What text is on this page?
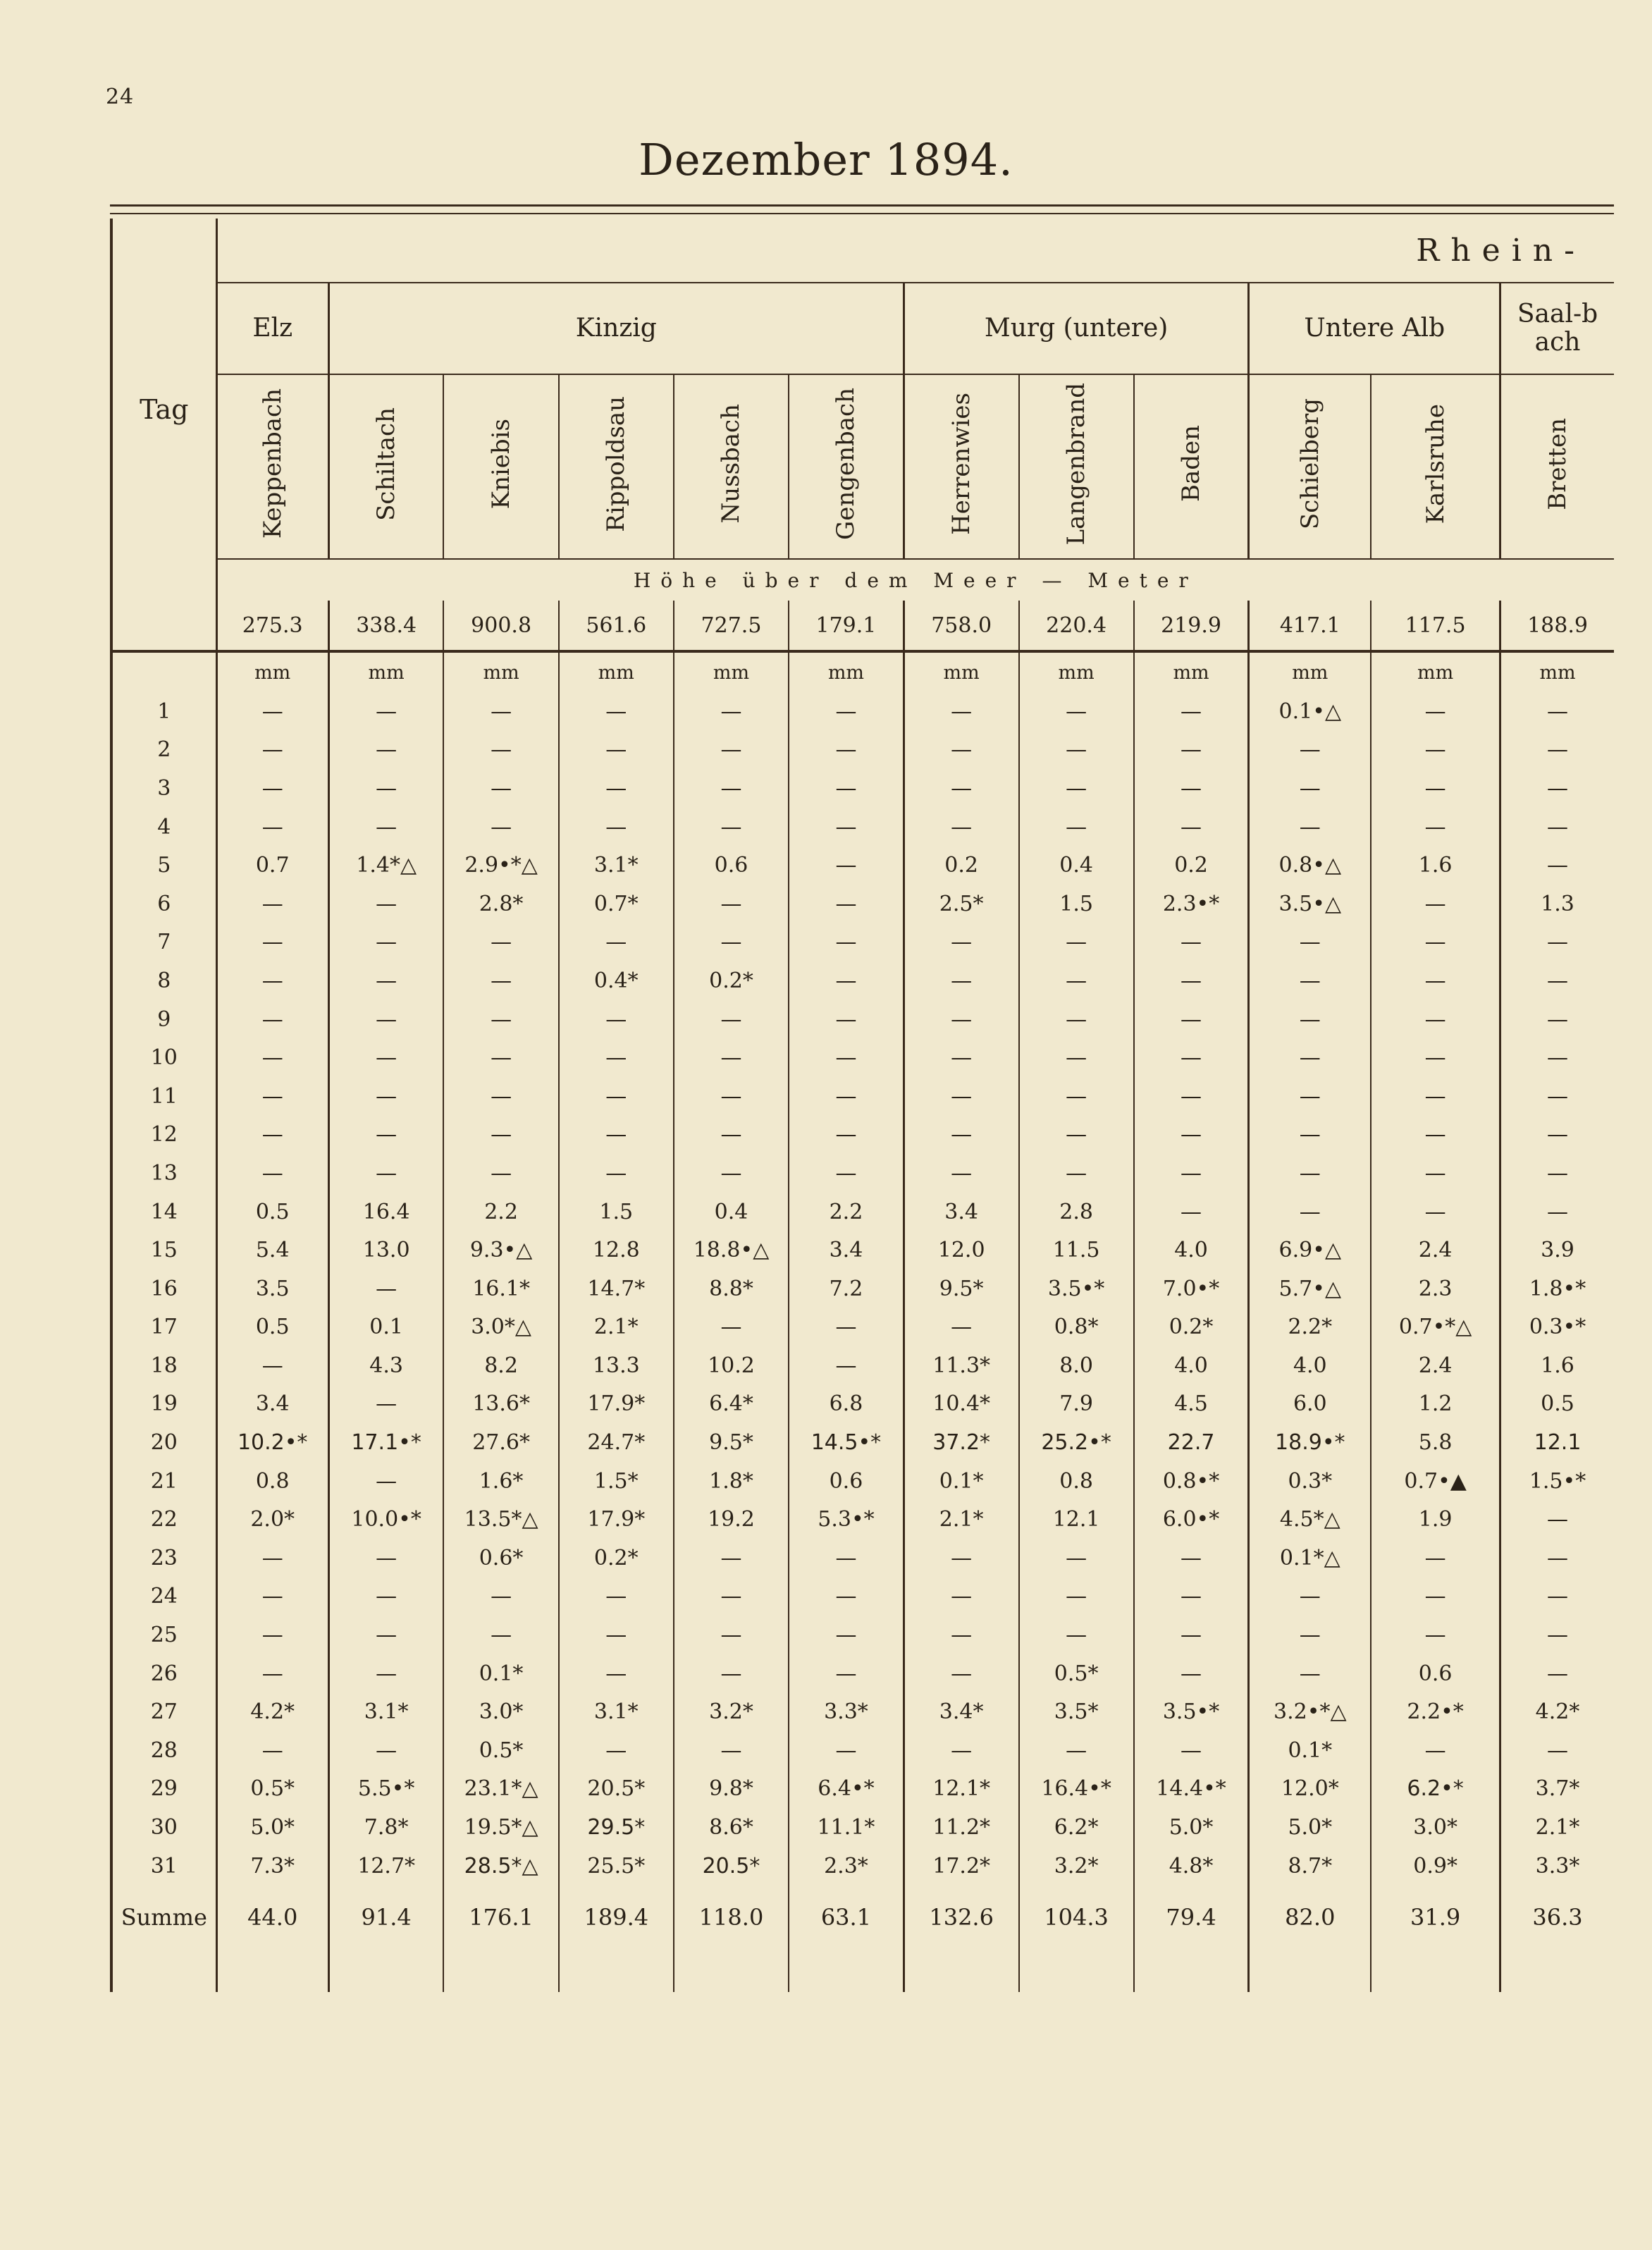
24
Dezember 1894.
Tag	Rhein-											
	Elz	Kinzig					Murg (untere)			Untere Alb		Saal-bach

	Keppenbach	Schiltach	Kniebis	Rippoldsau	Nussbach	Gengenbach	Herrenwies	Langenbrand	Baden	Schielberg	Karlsruhe	Bretten
	Höhe über dem Meer — Meter											
	275.3	338.4	900.8	561.6	727.5	179.1	758.0	220.4	219.9	417.1	117.5	188.9
	mm	mm	mm	mm	mm	mm	mm	mm	mm	mm	mm	mm
1	—	—	—	—	—	—	—	—	—	0.1•△	—	—
2	—	—	—	—	—	—	—	—	—	—	—	—
3	—	—	—	—	—	—	—	—	—	—	—	—
4	—	—	—	—	—	—	—	—	—	—	—	—
5	0.7	1.4*△	2.9•*△	3.1*	0.6	—	0.2	0.4	0.2	0.8•△	1.6	—
6	—	—	2.8*	0.7*	—	—	2.5*	1.5	2.3•*	3.5•△	—	1.3
7	—	—	—	—	—	—	—	—	—	—	—	—
8	—	—	—	0.4*	0.2*	—	—	—	—	—	—	—
9	—	—	—	—	—	—	—	—	—	—	—	—
10	—	—	—	—	—	—	—	—	—	—	—	—
11	—	—	—	—	—	—	—	—	—	—	—	—
12	—	—	—	—	—	—	—	—	—	—	—	—
13	—	—	—	—	—	—	—	—	—	—	—	—
14	0.5	16.4	2.2	1.5	0.4	2.2	3.4	2.8	—	—	—	—
15	5.4	13.0	9.3•△	12.8	18.8•△	3.4	12.0	11.5	4.0	6.9•△	2.4	3.9
16	3.5	—	16.1*	14.7*	8.8*	7.2	9.5*	3.5•*	7.0•*	5.7•△	2.3	1.8•*
17	0.5	0.1	3.0*△	2.1*	—	—	—	0.8*	0.2*	2.2*	0.7•*△	0.3•*
18	—	4.3	8.2	13.3	10.2	—	11.3*	8.0	4.0	4.0	2.4	1.6
19	3.4	—	13.6*	17.9*	6.4*	6.8	10.4*	7.9	4.5	6.0	1.2	0.5
20	10.2•*	17.1•*	27.6*	24.7*	9.5*	14.5•*	37.2*	25.2•*	22.7	18.9•*	5.8	12.1
21	0.8	—	1.6*	1.5*	1.8*	0.6	0.1*	0.8	0.8•*	0.3*	0.7•▲	1.5•*
22	2.0*	10.0•*	13.5*△	17.9*	19.2	5.3•*	2.1*	12.1	6.0•*	4.5*△	1.9	—
23	—	—	0.6*	0.2*	—	—	—	—	—	0.1*△	—	—
24	—	—	—	—	—	—	—	—	—	—	—	—
25	—	—	—	—	—	—	—	—	—	—	—	—
26	—	—	0.1*	—	—	—	—	0.5*	—	—	0.6	—
27	4.2*	3.1*	3.0*	3.1*	3.2*	3.3*	3.4*	3.5*	3.5•*	3.2•*△	2.2•*	4.2*
28	—	—	0.5*	—	—	—	—	—	—	0.1*	—	—
29	0.5*	5.5•*	23.1*△	20.5*	9.8*	6.4•*	12.1*	16.4•*	14.4•*	12.0*	6.2•*	3.7*
30	5.0*	7.8*	19.5*△	29.5*	8.6*	11.1*	11.2*	6.2*	5.0*	5.0*	3.0*	2.1*
31	7.3*	12.7*	28.5*△	25.5*	20.5*	2.3*	17.2*	3.2*	4.8*	8.7*	0.9*	3.3*
Summe	44.0	91.4	176.1	189.4	118.0	63.1	132.6	104.3	79.4	82.0	31.9	36.3
